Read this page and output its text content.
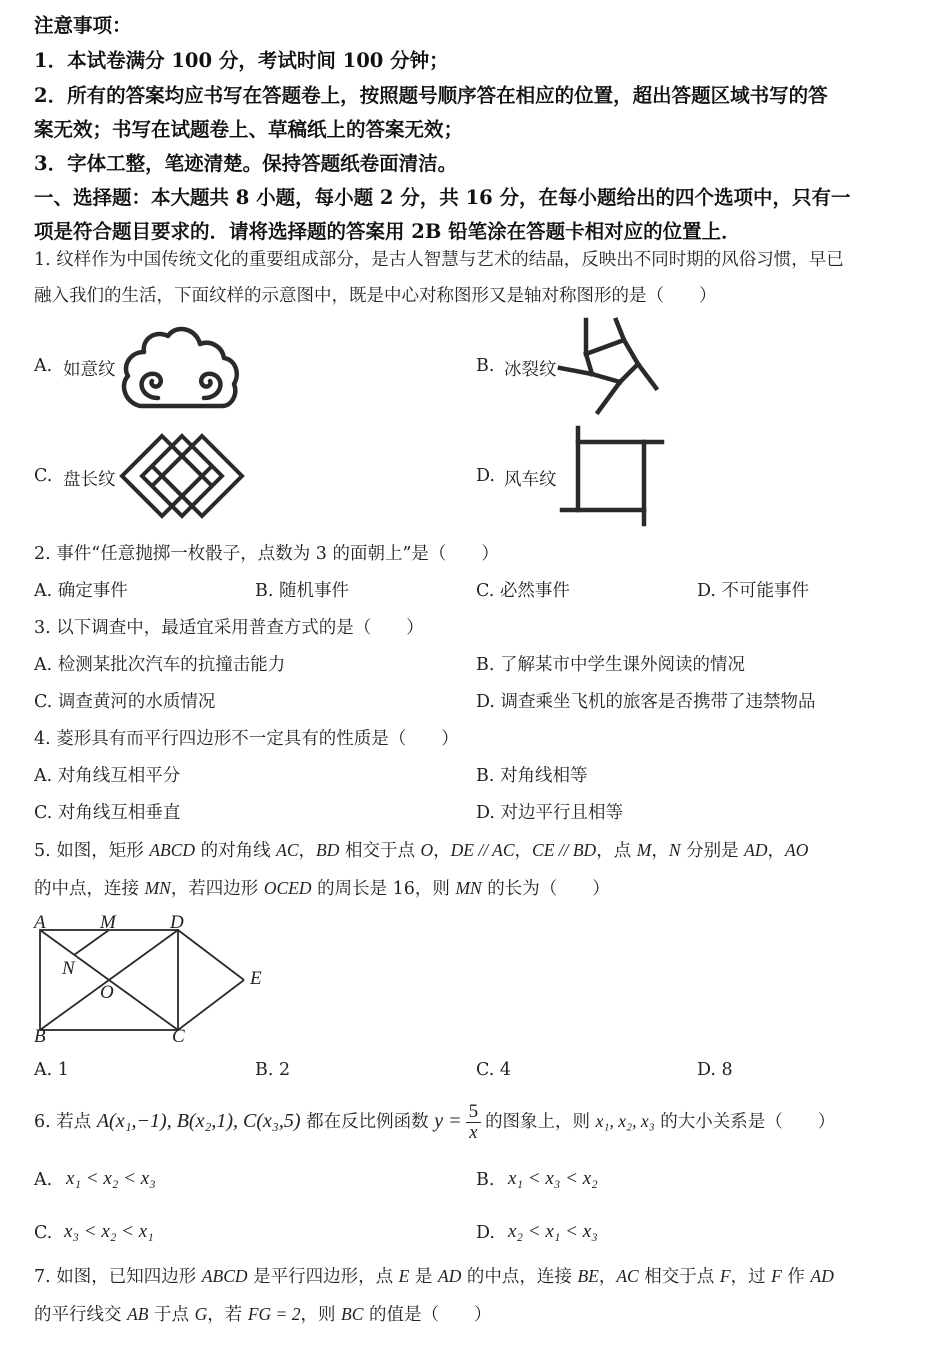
注意事项：
1．本试卷满分 100 分，考试时间 100 分钟；
2．所有的答案均应书写在答题卷上，按照题号顺序答在相应的位置，超出答题区域书写的答
案无效；书写在试题卷上、草稿纸上的答案无效；
3．字体工整，笔迹清楚。保持答题纸卷面清洁。
一、选择题：本大题共 8 小题，每小题 2 分，共 16 分，在每小题给出的四个选项中，只有一
项是符合题目要求的．请将选择题的答案用 2B 铅笔涂在答题卡相对应的位置上．
1. 纹样作为中国传统文化的重要组成部分，是古人智慧与艺术的结晶，反映出不同时期的风俗习惯，早已
融入我们的生活，下面纹样的示意图中，既是中心对称图形又是轴对称图形的是（　　）
A. 如意纹	B. 冰裂纹
C. 盘长纹	D. 风车纹
2. 事件“任意抛掷一枚骰子，点数为 3 的面朝上”是（　　）
A. 确定事件	B. 随机事件	C. 必然事件	D. 不可能事件
3. 以下调查中，最适宜采用普查方式的是（　　）
A. 检测某批次汽车的抗撞击能力	B. 了解某市中学生课外阅读的情况
C. 调查黄河的水质情况	D. 调查乘坐飞机的旅客是否携带了违禁物品
4. 菱形具有而平行四边形不一定具有的性质是（　　）
A. 对角线互相平分	B. 对角线相等
C. 对角线互相垂直	D. 对边平行且相等
5. 如图，矩形 ABCD 的对角线 AC，BD 相交于点 O，DE // AC，CE // BD，点 M，N 分别是 AD，AO
的中点，连接 MN，若四边形 OCED 的周长是 16，则 MN 的长为（　　）
A	M	D
N
O
E
B	C
A. 1	B. 2	C. 4	D. 8
6. 若点 A(x₁,−1), B(x₂,1), C(x₃,5) 都在反比例函数 $y = \frac{5}{x}$ 的图象上，则 x₁, x₂, x₃ 的大小关系是（　　）
A. x₁ < x₂ < x₃	B. x₁ < x₃ < x₂
C. x₃ < x₂ < x₁	D. x₂ < x₁ < x₃
7. 如图，已知四边形 ABCD 是平行四边形，点 E 是 AD 的中点，连接 BE，AC 相交于点 F，过 F 作 AD
的平行线交 AB 于点 G，若 FG = 2，则 BC 的值是（　　）
